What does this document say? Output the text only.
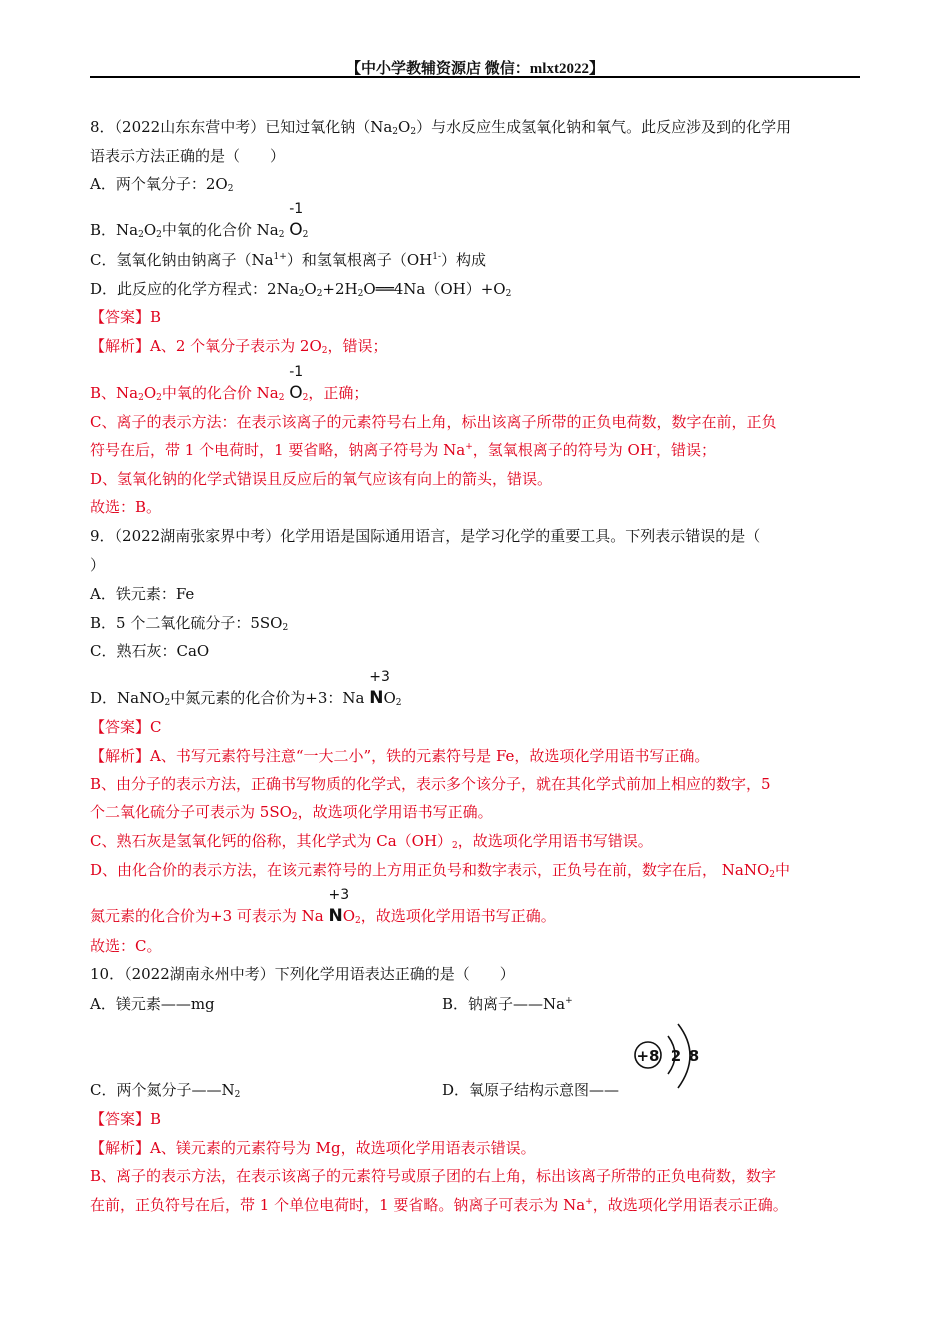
【中小学教辅资源店 微信：mlxt2022】
8．（2022山东东营中考）已知过氧化钠$(Na_2O_2)$与水反应生成氢氧化钠和氧气。此反应涉及到的化学用
语表示方法正确的是（　　）
A．两个氧分子：$2O_2$
B．$Na_2O_2$中氧的化合价 $Na_2$
-1
$O_2$
C．氢氧化钠由钠离子$(Na^{1+})$和氢氧根离子$(OH^{1-})$构成
D．此反应的化学方程式：$2Na_2O_2+2H_2O══4Na(OH)+O_2$
【答案】B
【解析】A、2 个氧分子表示为 $2O_2$，错误；
B、$Na_2O_2$中氧的化合价 $Na_2$
-1
$O_2$，正确；
C、离子的表示方法：在表示该离子的元素符号右上角，标出该离子所带的正负电荷数，数字在前，正负
符号在后，带 1 个电荷时，1 要省略，钠离子符号为 Na+，氢氧根离子的符号为 OH-，错误；
D、氢氧化钠的化学式错误且反应后的氧气应该有向上的箭头，错误。
故选：B。
9．（2022湖南张家界中考）化学用语是国际通用语言，是学习化学的重要工具。下列表示错误的是（
）
A．铁元素：Fe
B．5 个二氧化硫分子：$5SO_2$
C．熟石灰：CaO
D．NaNO$_2$中氮元素的化合价为+3：Na
+3
$NO_2$
【答案】C
【解析】A、书写元素符号注意“一大二小”，铁的元素符号是 Fe，故选项化学用语书写正确。
B、由分子的表示方法，正确书写物质的化学式，表示多个该分子，就在其化学式前加上相应的数字，5
个二氧化硫分子可表示为 $5SO_2$，故选项化学用语书写正确。
C、熟石灰是氢氧化钙的俗称，其化学式为 $Ca(OH)_2$，故选项化学用语书写错误。
D、由化合价的表示方法，在该元素符号的上方用正负号和数字表示，正负号在前，数字在后， NaNO$_2$中
氮元素的化合价为+3 可表示为 Na
+3
$NO_2$，故选项化学用语书写正确。
故选：C。
10．（2022湖南永州中考）下列化学用语表达正确的是（　　）
A．镁元素——mg	B．钠离子——Na+
C．两个氮分子$——N_2$	D．氧原子结构示意图——
+8 2 8
【答案】B
【解析】A、镁元素的元素符号为 Mg，故选项化学用语表示错误。
B、离子的表示方法，在表示该离子的元素符号或原子团的右上角，标出该离子所带的正负电荷数，数字
在前，正负符号在后，带 1 个单位电荷时，1 要省略。钠离子可表示为 Na+，故选项化学用语表示正确。
